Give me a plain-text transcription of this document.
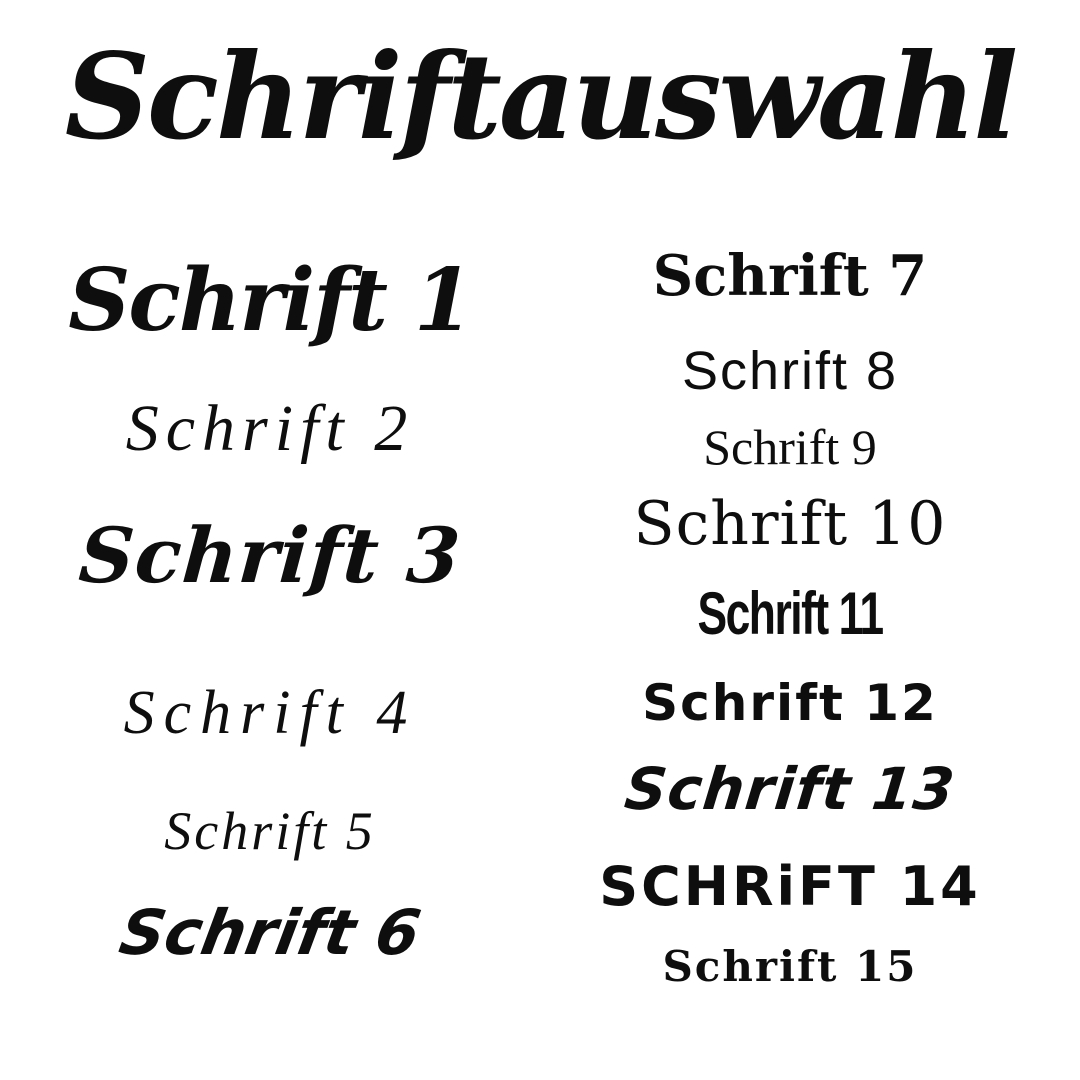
Schriftauswahl
Schrift 1
Schrift 2
Schrift 3
Schrift 4
Schrift 5
Schrift 6
Schrift 7
Schrift 8
Schrift 9
Schrift 10
Schrift 11
Schrift 12
Schrift 13
SCHRiFT 14
Schrift 15
